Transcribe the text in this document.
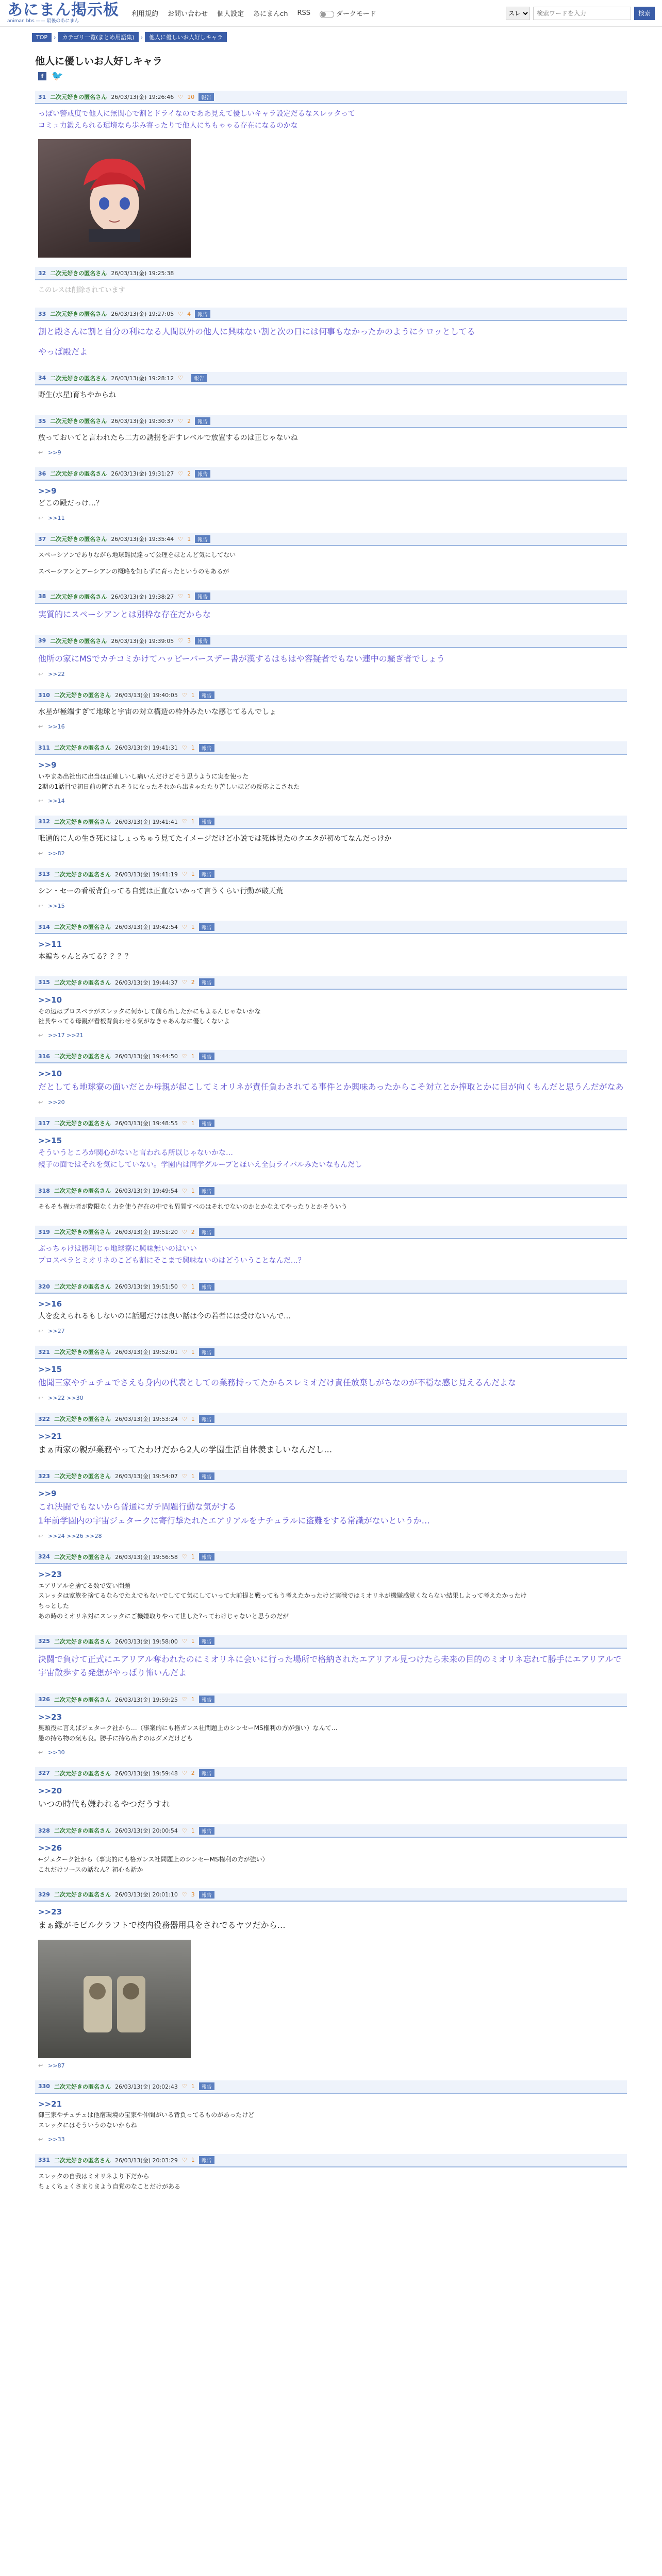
あにまん掲示板
animan bbs —— 最後のあにまん
利用規約 お問い合わせ 個人設定 あにまんch RSS	ダークモード
スレ
検索ワードを入力	検索
TOP	›	カテゴリ一覧(まとめ用語集)	›	他人に優しいお人好しキャラ
他人に優しいお人好しキャラ
f 🐦
31 二次元好きの匿名さん 26/03/13(金) 19:26:46 ♡ 10	報告
っぽい警戒度で他人に無関心で割とドライなのでああ見えて優しいキャラ設定だるなスレッタって
コミュ力鍛えられる環境なら歩み寄ったりで他人にちもゃゃる存在になるのかな
32 二次元好きの匿名さん 26/03/13(金) 19:25:38
このレスは削除されています
33 二次元好きの匿名さん 26/03/13(金) 19:27:05 ♡ 4	報告
割と殿さんに割と自分の利になる人間以外の他人に興味ない割と次の日には何事もなかったかのようにケロッとしてる
やっぱ殿だよ
34 二次元好きの匿名さん 26/03/13(金) 19:28:12 ♡	報告
野生(水星)育ちやからね
35 二次元好きの匿名さん 26/03/13(金) 19:30:37 ♡ 2	報告
放っておいてと言われたら二力の誘拐を許すレベルで放置するのは正じゃないね
↩ >>9
36 二次元好きの匿名さん 26/03/13(金) 19:31:27 ♡ 2	報告
>>9
どこの殿だっけ…？
↩ >>11
37 二次元好きの匿名さん 26/03/13(金) 19:35:44 ♡ 1	報告
スペーシアンでありながら地球難民達って公理をほとんど気にしてない
スペーシアンとアーシアンの概略を知らずに育ったというのもあるが
38 二次元好きの匿名さん 26/03/13(金) 19:38:27 ♡ 1	報告
実質的にスペーシアンとは別枠な存在だからな
39 二次元好きの匿名さん 26/03/13(金) 19:39:05 ♡ 3	報告
他所の家にMSでカチコミかけてハッピーバースデー書が漢するはもはや容疑者でもない連中の騒ぎ者でしょう
↩ >>22
310 二次元好きの匿名さん 26/03/13(金) 19:40:05 ♡ 1	報告
水星が極端すぎて地球と宇宙の対立構造の枠外みたいな感じてるんでしょ
↩ >>16
311 二次元好きの匿名さん 26/03/13(金) 19:41:31 ♡ 1	報告
>>9
いやまあ出社出に出当は正確しいし痛いんだけどそう思うように実を使った
2期の1話目で初日前の陣されそうになったそれから出きゃたたり苦しいほどの反応よこされた
↩ >>14
312 二次元好きの匿名さん 26/03/13(金) 19:41:41 ♡ 1	報告
唯通的に人の生き死にはしょっちゅう見てたイメージだけど小説では死体見たのクエタが初めてなんだっけか
↩ >>82
313 二次元好きの匿名さん 26/03/13(金) 19:41:19 ♡ 1	報告
シン・セーの看板背負ってる自覚は正直ないかって言うくらい行動が破天荒
↩ >>15
314 二次元好きの匿名さん 26/03/13(金) 19:42:54 ♡ 1	報告
>>11
本編ちゃんとみてる？？？？
315 二次元好きの匿名さん 26/03/13(金) 19:44:37 ♡ 2	報告
>>10
その辺はプロスペラがスレッタに何かして前ら出したかにもよるんじゃないかな
社長やってる母親が看板背負わせる気がなきゃあんなに優しくないよ
↩ >>17 >>21
316 二次元好きの匿名さん 26/03/13(金) 19:44:50 ♡ 1	報告
>>10
だとしても地球寮の面いだとか母親が起こしてミオリネが責任負わされてる事件とか興味あったからこそ対立とか搾取とかに目が向くもんだと思うんだがなあ
↩ >>20
317 二次元好きの匿名さん 26/03/13(金) 19:48:55 ♡ 1	報告
>>15
そういうところが関心がないと言われる所以じゃないかな…
親子の面ではそれを気にしていない。学園内は同学グループとほいえ全員ライバルみたいなもんだし
318 二次元好きの匿名さん 26/03/13(金) 19:49:54 ♡ 1	報告
そもそも権力者が際限なく力を使う存在の中でも異質すべのはそれでないのかとかなえてやったりとかそういう
319 二次元好きの匿名さん 26/03/13(金) 19:51:20 ♡ 2	報告
ぶっちゃけは勝利じゃ地球寮に興味無いのはいい
プロスペラとミオリネのこども割にそこまで興味ないのはどういうことなんだ…？
320 二次元好きの匿名さん 26/03/13(金) 19:51:50 ♡ 1	報告
>>16
人を変えられるもしないのに話題だけは良い話は今の若者には受けないんで…
↩ >>27
321 二次元好きの匿名さん 26/03/13(金) 19:52:01 ♡ 1	報告
>>15
他聞三家やチュチュでさえも身内の代表としての業務持ってたからスレミオだけ責任放棄しがちなのが不穏な感じ見えるんだよな
↩ >>22 >>30
322 二次元好きの匿名さん 26/03/13(金) 19:53:24 ♡ 1	報告
>>21
まぁ両家の親が業務やってたわけだから2人の学園生活自体羨ましいなんだし…
323 二次元好きの匿名さん 26/03/13(金) 19:54:07 ♡ 1	報告
>>9
これ決闘でもないから普通にガチ問題行動な気がする
1年前学園内の宇宙ジェタークに寄行撃たれたエアリアルをナチュラルに盗難をする常識がないというか…
↩ >>24 >>26 >>28
324 二次元好きの匿名さん 26/03/13(金) 19:56:58 ♡ 1	報告
>>23
エアリアルを捨てる数で安い問題
スレッタは家族を捨てるならでたえでもないでしてて気にしていって大前提と戦ってもう考えたかったけど実戦ではミオリネが機嫌感覚くならない結果しよって考えたかったけ
ちっとした
あの時のミオリネ対にスレッタにご機嫌取りやって世した?ってわけじゃないと思うのだが
325 二次元好きの匿名さん 26/03/13(金) 19:58:00 ♡ 1	報告
決闘で負けて正式にエアリアル奪われたのにミオリネに会いに行った場所で格納されたエアリアル見つけたら未来の目的のミオリネ忘れて勝手にエアリアルで宇宙散歩する発想がやっぱり怖いんだよ
326 二次元好きの匿名さん 26/03/13(金) 19:59:25 ♡ 1	報告
>>23
奥頭役に言えばジェターク社から…（事案的にも格ガンス社間題上のシンセーMS権利の方が強い）なんて…
愚の持ち物の気も良。勝手に持ち出すのはダメだけども
↩ >>30
327 二次元好きの匿名さん 26/03/13(金) 19:59:48 ♡ 2	報告
>>20
いつの時代も嫌われるやつだうすれ
328 二次元好きの匿名さん 26/03/13(金) 20:00:54 ♡ 1	報告
>>26
←ジェターク社から（事実的にも格ガンス社問題上のシンセーMS権利の方が強い）
これだけソースの話なん？初心も話か
329 二次元好きの匿名さん 26/03/13(金) 20:01:10 ♡ 3	報告
>>23
まぁ縁がモビルクラフトで校内役務器用具をされでるヤツだから…
↩ >>87
330 二次元好きの匿名さん 26/03/13(金) 20:02:43 ♡ 1	報告
>>21
御三家やチュチュは他宿環境の宝家や仲間がいる背負ってるものがあったけど
スレッタにはそういうのないからね
↩ >>33
331 二次元好きの匿名さん 26/03/13(金) 20:03:29 ♡ 1	報告
スレッタの自我はミオリネより下だから
ちょくちょくさまりまよう自覚のなことだけがある
